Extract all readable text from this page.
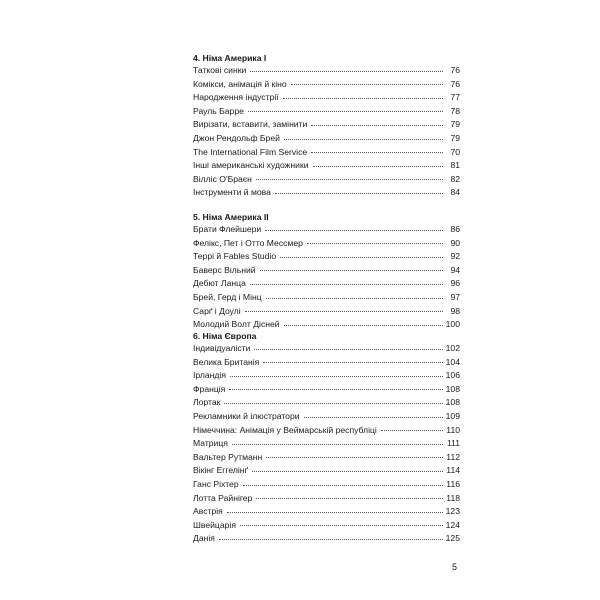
4. Німа Америка I
Таткові синки	76
Комікси, анімація й кіно	76
Народження індустрії	77
Рауль Барре	78
Вирізати, вставити, замінити	79
Джон Рендольф Брей	79
The International Film Service	70
Інші американські художники	81
Вілліс О'Браєн	82
Інструменти й мова	84
5. Німа Америка II
Брати Флейшери	86
Фелікс, Пет і Отто Мессмер	90
Террі й Fables Studio	92
Баверс Вільний	94
Дебют Ланца	96
Брей, Герд і Мінц	97
Сарґ і Доулі	98
Молодий Волт Дісней	100
6. Німа Європа
Індивідуалісти	102
Велика Британія	104
Ірландія	106
Франція	108
Лортак	108
Рекламники й ілюстратори	109
Німеччина: Анімація у Веймарській республіці	110
Матриця	111
Вальтер Рутманн	112
Вікінг Еггелінґ	114
Ганс Ріхтер	116
Лотта Райнігер	118
Австрія	123
Швейцарія	124
Данія	125
5
